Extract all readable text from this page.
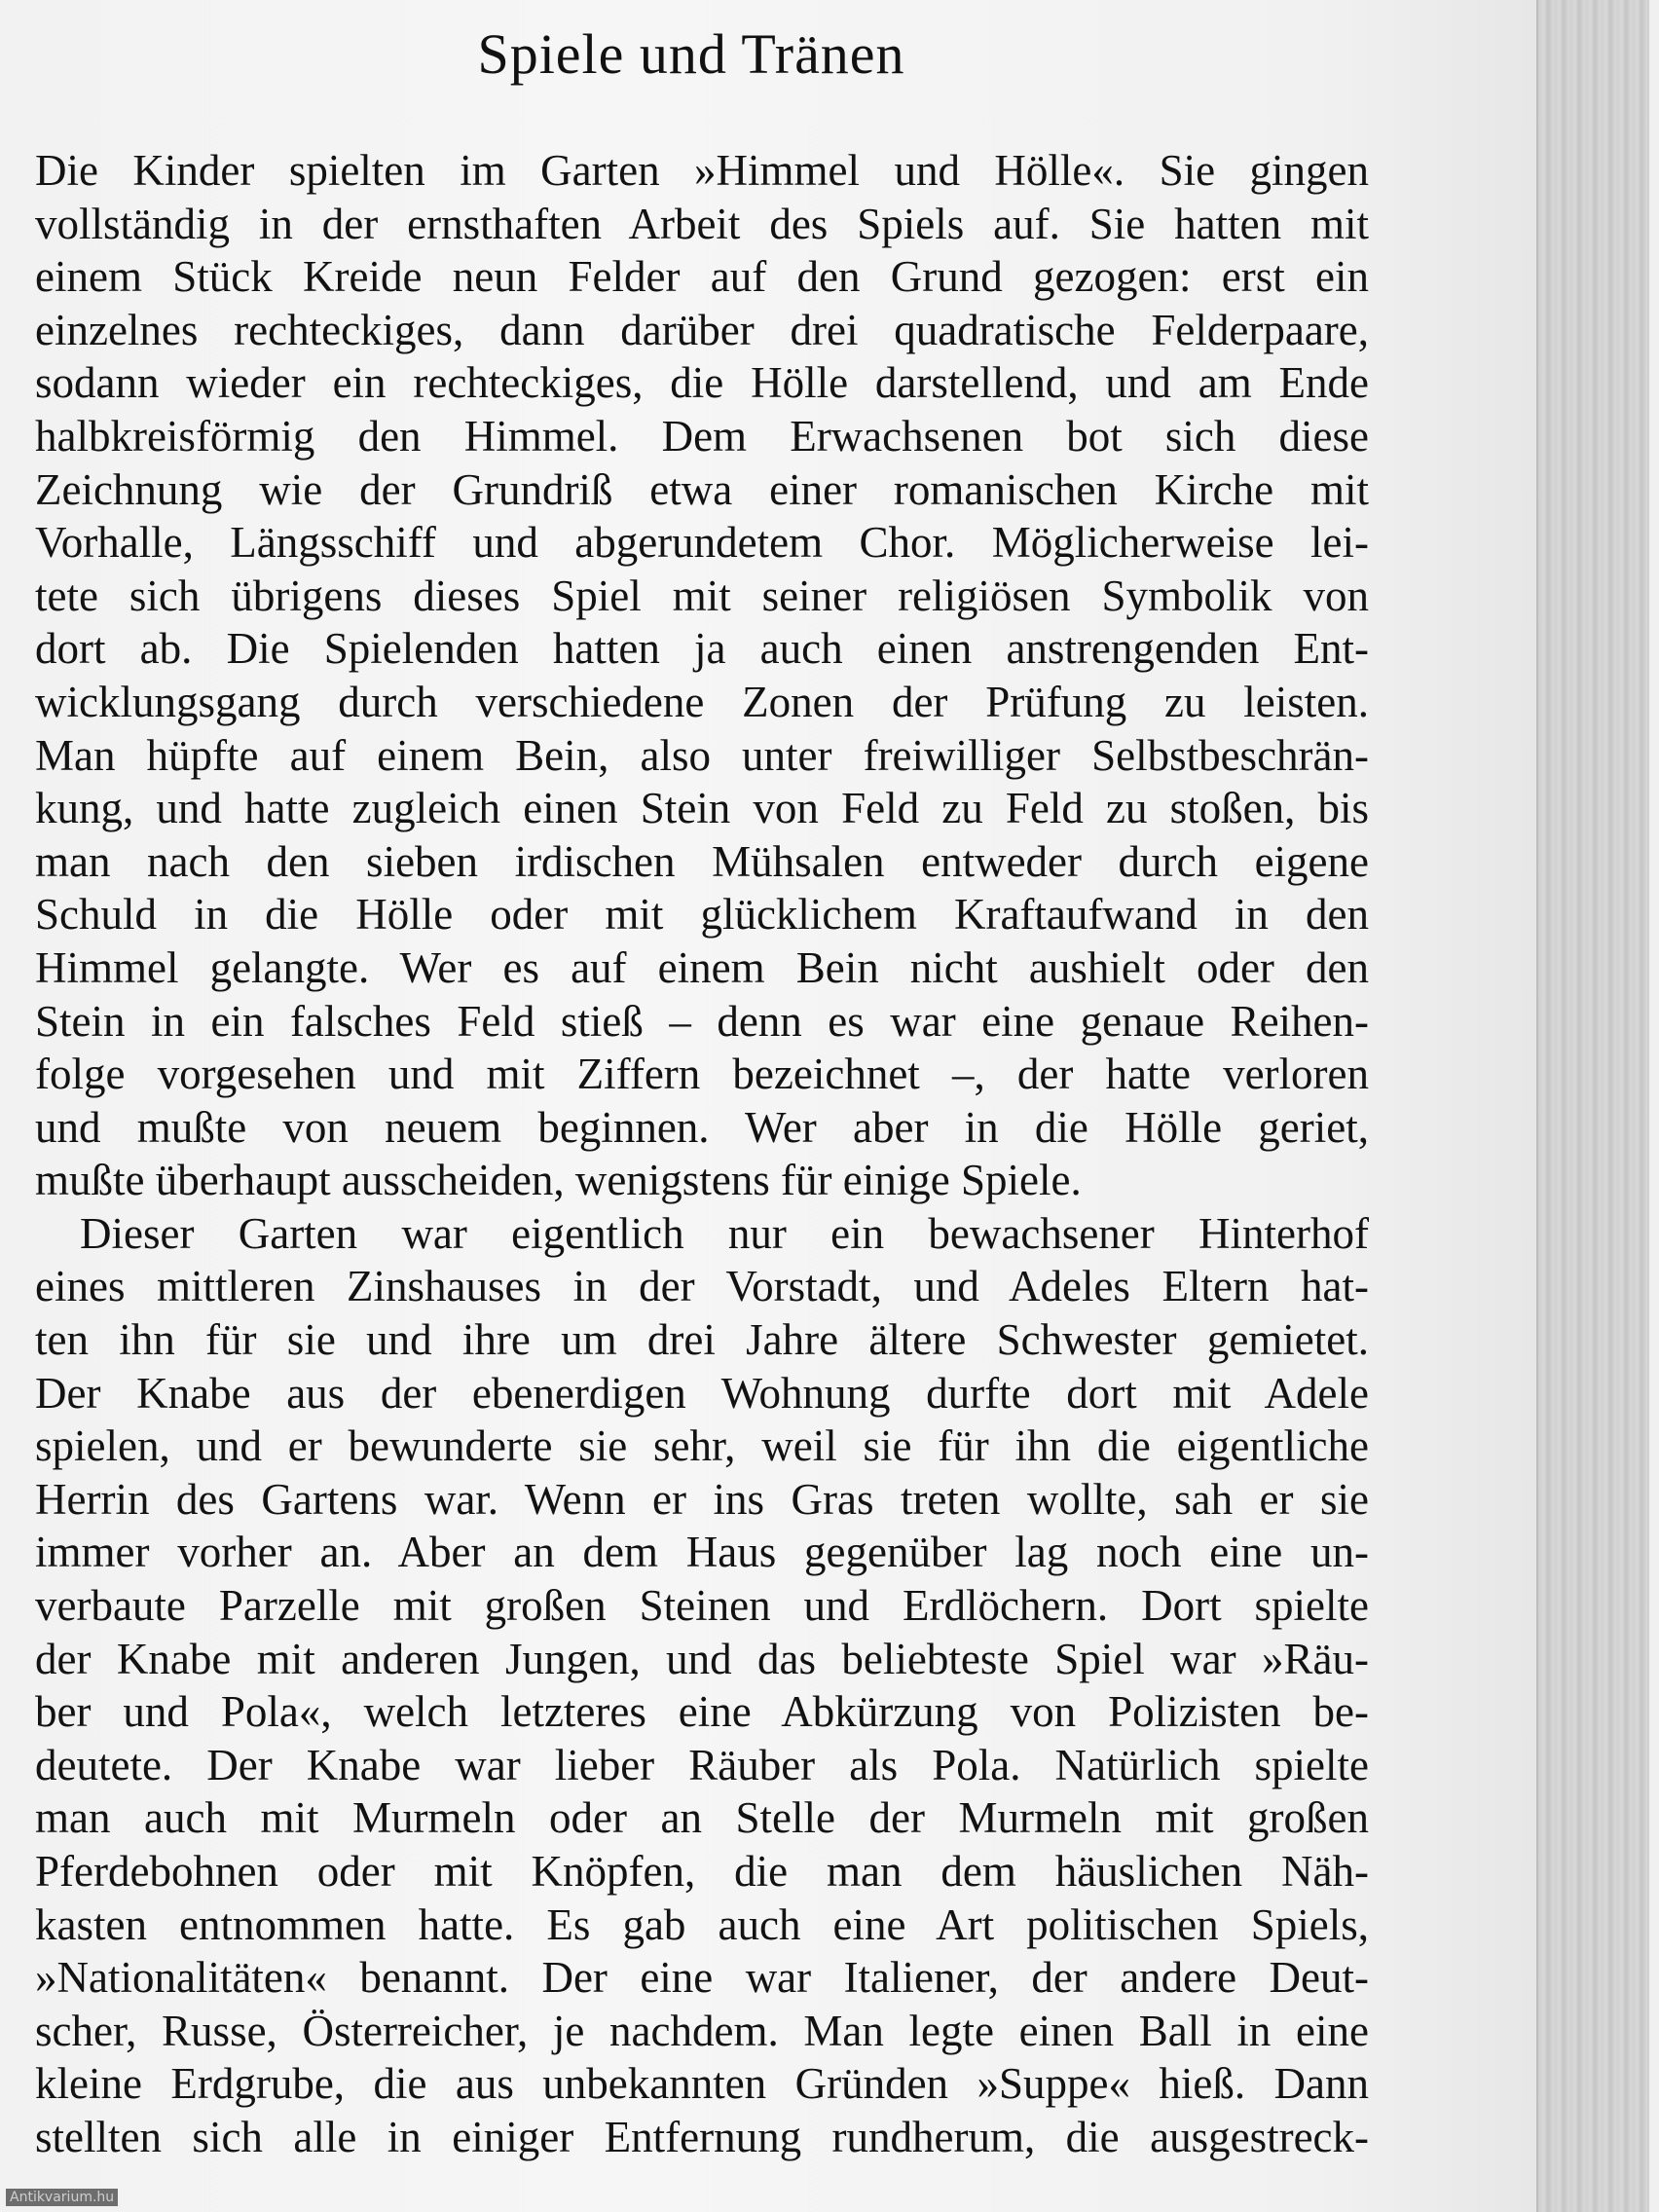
Spiele und Tränen
Die Kinder spielten im Garten »Himmel und Hölle«. Sie gingen
vollständig in der ernsthaften Arbeit des Spiels auf. Sie hatten mit
einem Stück Kreide neun Felder auf den Grund gezogen: erst ein
einzelnes rechteckiges, dann darüber drei quadratische Felderpaare,
sodann wieder ein rechteckiges, die Hölle darstellend, und am Ende
halbkreisförmig den Himmel. Dem Erwachsenen bot sich diese
Zeichnung wie der Grundriß etwa einer romanischen Kirche mit
Vorhalle, Längsschiff und abgerundetem Chor. Möglicherweise lei-
tete sich übrigens dieses Spiel mit seiner religiösen Symbolik von
dort ab. Die Spielenden hatten ja auch einen anstrengenden Ent-
wicklungsgang durch verschiedene Zonen der Prüfung zu leisten.
Man hüpfte auf einem Bein, also unter freiwilliger Selbstbeschrän-
kung, und hatte zugleich einen Stein von Feld zu Feld zu stoßen, bis
man nach den sieben irdischen Mühsalen entweder durch eigene
Schuld in die Hölle oder mit glücklichem Kraftaufwand in den
Himmel gelangte. Wer es auf einem Bein nicht aushielt oder den
Stein in ein falsches Feld stieß – denn es war eine genaue Reihen-
folge vorgesehen und mit Ziffern bezeichnet –, der hatte verloren
und mußte von neuem beginnen. Wer aber in die Hölle geriet,
mußte überhaupt ausscheiden, wenigstens für einige Spiele.
Dieser Garten war eigentlich nur ein bewachsener Hinterhof
eines mittleren Zinshauses in der Vorstadt, und Adeles Eltern hat-
ten ihn für sie und ihre um drei Jahre ältere Schwester gemietet.
Der Knabe aus der ebenerdigen Wohnung durfte dort mit Adele
spielen, und er bewunderte sie sehr, weil sie für ihn die eigentliche
Herrin des Gartens war. Wenn er ins Gras treten wollte, sah er sie
immer vorher an. Aber an dem Haus gegenüber lag noch eine un-
verbaute Parzelle mit großen Steinen und Erdlöchern. Dort spielte
der Knabe mit anderen Jungen, und das beliebteste Spiel war »Räu-
ber und Pola«, welch letzteres eine Abkürzung von Polizisten be-
deutete. Der Knabe war lieber Räuber als Pola. Natürlich spielte
man auch mit Murmeln oder an Stelle der Murmeln mit großen
Pferdebohnen oder mit Knöpfen, die man dem häuslichen Näh-
kasten entnommen hatte. Es gab auch eine Art politischen Spiels,
»Nationalitäten« benannt. Der eine war Italiener, der andere Deut-
scher, Russe, Österreicher, je nachdem. Man legte einen Ball in eine
kleine Erdgrube, die aus unbekannten Gründen »Suppe« hieß. Dann
stellten sich alle in einiger Entfernung rundherum, die ausgestreck-
Antikvarium.hu
